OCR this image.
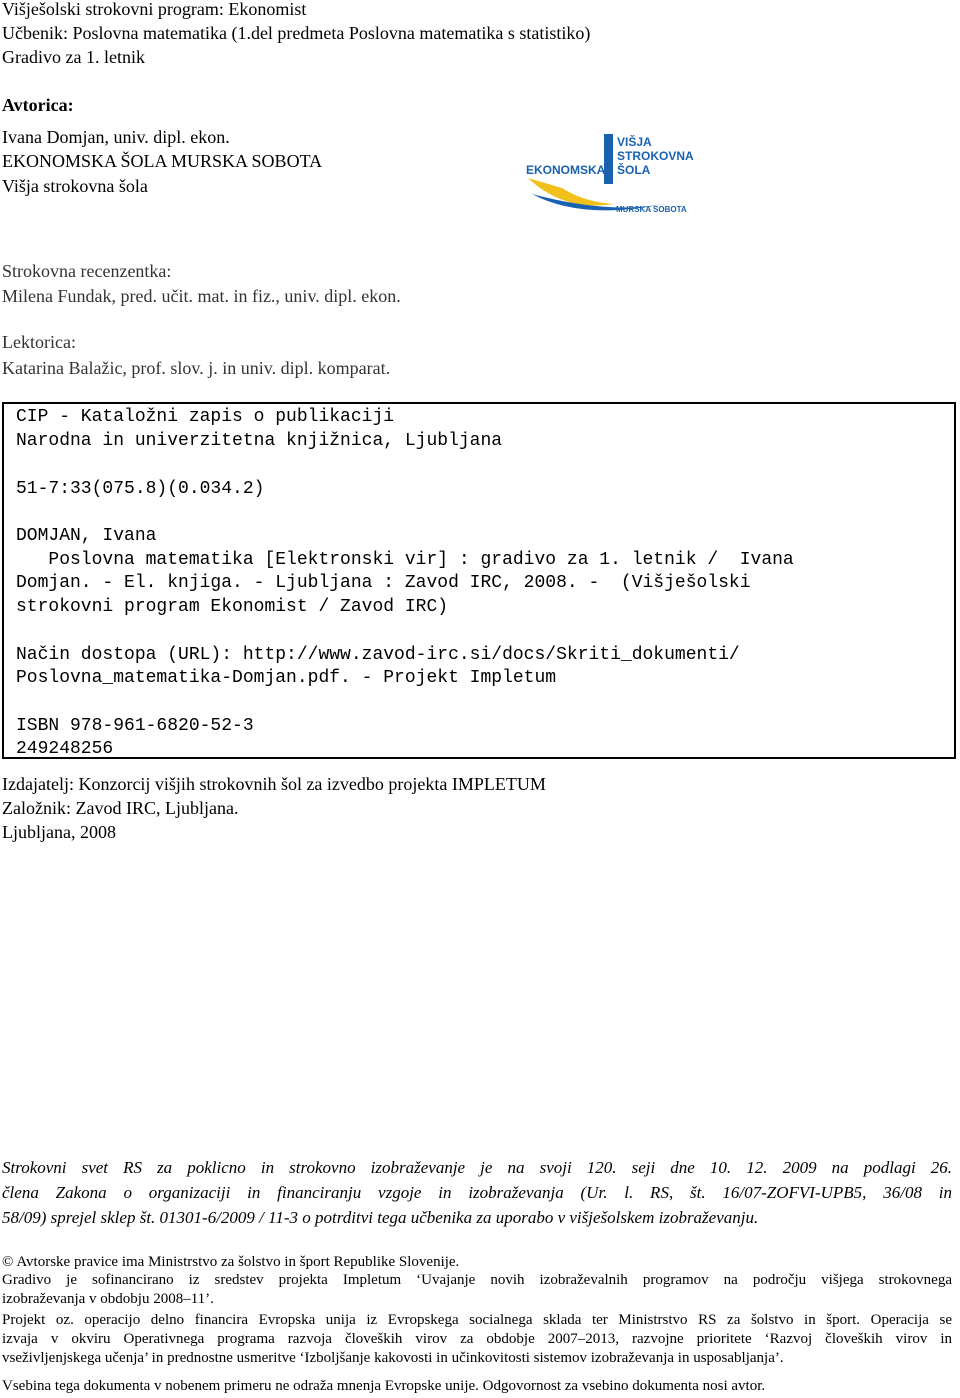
Višješolski strokovni program: Ekonomist
Učbenik: Poslovna matematika (1.del predmeta Poslovna matematika s statistiko)
Gradivo za 1. letnik
Avtorica:
Ivana Domjan, univ. dipl. ekon.
EKONOMSKA ŠOLA MURSKA SOBOTA
Višja strokovna šola
VIŠJA
STROKOVNA
ŠOLA
EKONOMSKA
MURSKA SOBOTA
Strokovna recenzentka:
Milena Fundak, pred. učit. mat. in fiz., univ. dipl. ekon.
Lektorica:
Katarina Balažic, prof. slov. j. in univ. dipl. komparat.
CIP - Kataložni zapis o publikaciji
Narodna in univerzitetna knjižnica, Ljubljana
51-7:33(075.8)(0.034.2)
DOMJAN, Ivana
Poslovna matematika [Elektronski vir] : gradivo za 1. letnik /  Ivana
Domjan. - El. knjiga. - Ljubljana : Zavod IRC, 2008. -  (Višješolski
strokovni program Ekonomist / Zavod IRC)
Način dostopa (URL): http://www.zavod-irc.si/docs/Skriti_dokumenti/
Poslovna_matematika-Domjan.pdf. - Projekt Impletum
ISBN 978-961-6820-52-3
249248256
Izdajatelj: Konzorcij višjih strokovnih šol za izvedbo projekta IMPLETUM
Založnik: Zavod IRC, Ljubljana.
Ljubljana, 2008
Strokovni svet RS za poklicno in strokovno izobraževanje je na svoji 120. seji dne 10. 12. 2009 na podlagi 26.
člena Zakona o organizaciji in financiranju vzgoje in izobraževanja (Ur. l. RS, št. 16/07-ZOFVI-UPB5, 36/08 in
58/09) sprejel sklep št. 01301-6/2009 / 11-3 o potrditvi tega učbenika za uporabo v višješolskem izobraževanju.
© Avtorske pravice ima Ministrstvo za šolstvo in šport Republike Slovenije.
Gradivo je sofinancirano iz sredstev projekta Impletum ‘Uvajanje novih izobraževalnih programov na področju višjega strokovnega
izobraževanja v obdobju 2008–11’.
Projekt oz. operacijo delno financira Evropska unija iz Evropskega socialnega sklada ter Ministrstvo RS za šolstvo in šport. Operacija se
izvaja v okviru Operativnega programa razvoja človeških virov za obdobje 2007–2013, razvojne prioritete ‘Razvoj človeških virov in
vseživljenjskega učenja’ in prednostne usmeritve ‘Izboljšanje kakovosti in učinkovitosti sistemov izobraževanja in usposabljanja’.
Vsebina tega dokumenta v nobenem primeru ne odraža mnenja Evropske unije. Odgovornost za vsebino dokumenta nosi avtor.
